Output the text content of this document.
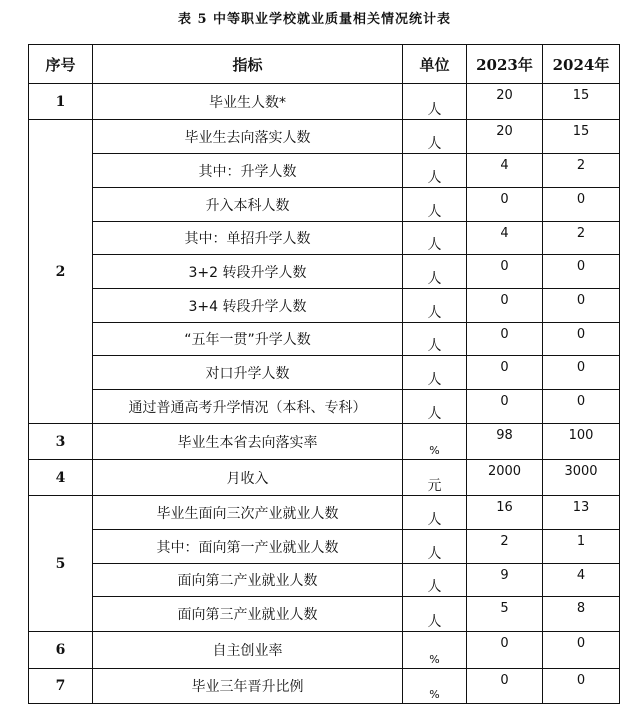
表 5 中等职业学校就业质量相关情况统计表
序号	指标	单位	2023年	2024年
1	毕业生人数*	人	20	15
2	毕业生去向落实人数	人	20	15
	其中：升学人数	人	4	2
	升入本科人数	人	0	0
	其中：单招升学人数	人	4	2
	3+2 转段升学人数	人	0	0
	3+4 转段升学人数	人	0	0
	“五年一贯”升学人数	人	0	0
	对口升学人数	人	0	0
	通过普通高考升学情况（本科、专科）	人	0	0
3	毕业生本省去向落实率	%	98	100
4	月收入	元	2000	3000
5	毕业生面向三次产业就业人数	人	16	13
	其中：面向第一产业就业人数	人	2	1
	面向第二产业就业人数	人	9	4
	面向第三产业就业人数	人	5	8
6	自主创业率	%	0	0
7	毕业三年晋升比例	%	0	0
